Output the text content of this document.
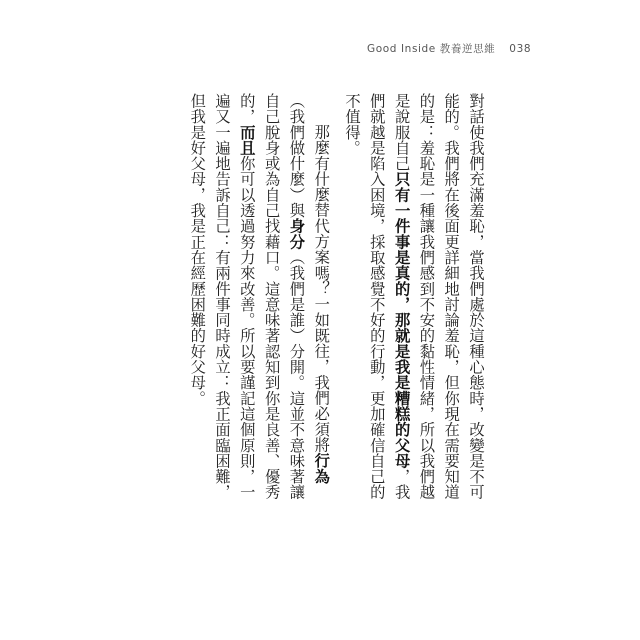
Good Inside 教養逆思維 038

對話使我們充滿羞恥，當我們處於這種心態時，改變是不可能的。我們將在後面更詳細地討論羞恥，但你現在需要知道的是：羞恥是一種讓我們感到不安的黏性情緒，所以我們越是說服自己只有一件事是真的，那就是我是糟糕的父母，我們就越是陷入困境，採取感覺不好的行動，更加確信自己的不值得。

那麼有什麼替代方案嗎？一如既往，我們必須將行為（我們做什麼）與身分（我們是誰）分開。這並不意味著讓自己脫身或為自己找藉口。這意味著認知到你是良善、優秀的，而且你可以透過努力來改善。所以要謹記這個原則，一遍又一遍地告訴自己：有兩件事同時成立：我正面臨困難，但我是好父母，我是正在經歷困難的好父母。
